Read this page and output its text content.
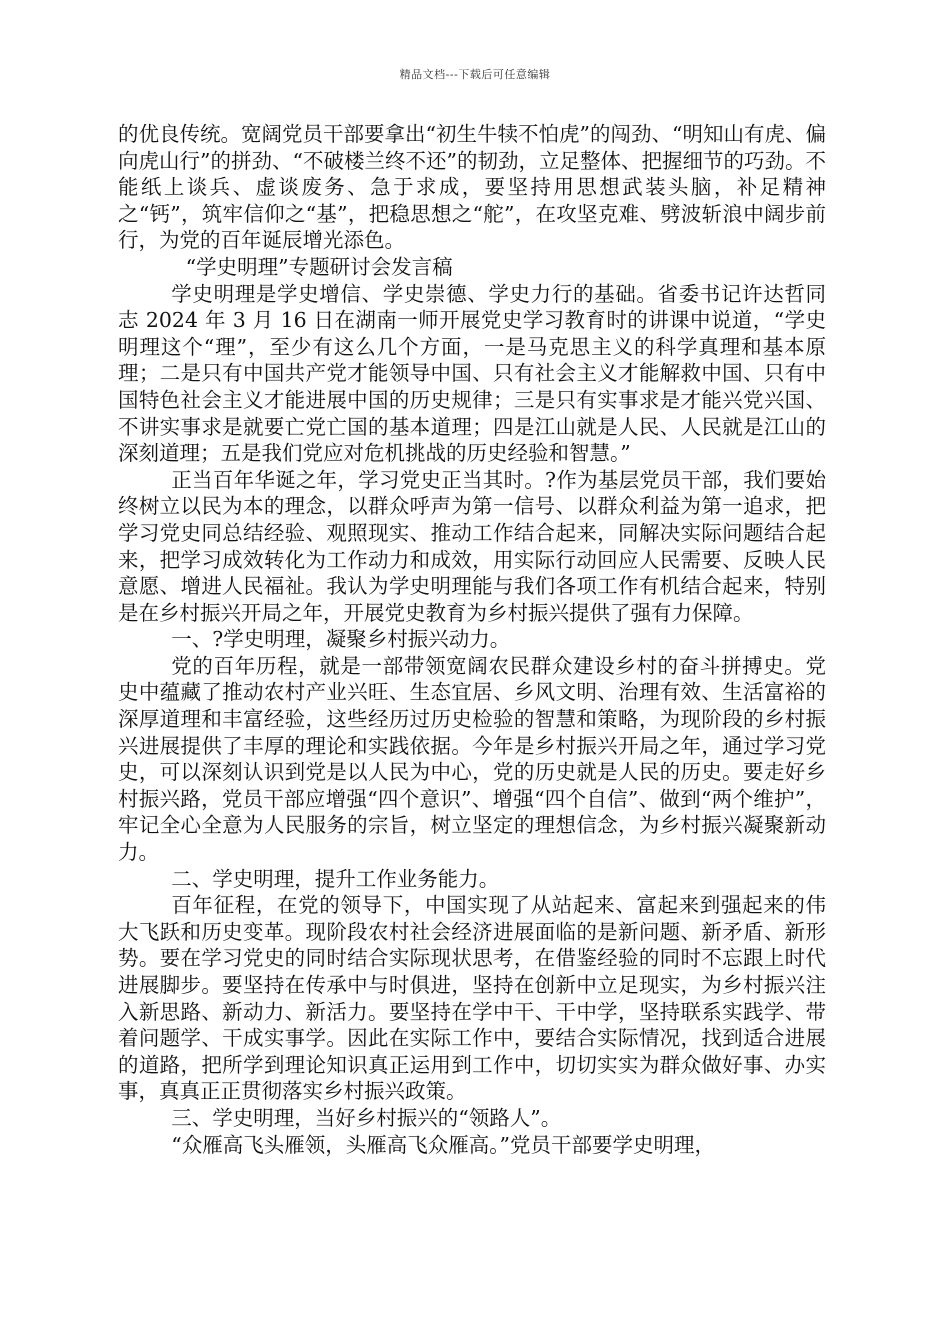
精品文档---下载后可任意编辑

的优良传统。宽阔党员干部要拿出“初生牛犊不怕虎”的闯劲、“明知山有虎、偏向虎山行”的拼劲、“不破楼兰终不还”的韧劲，立足整体、把握细节的巧劲。不能纸上谈兵、虚谈废务、急于求成，要坚持用思想武装头脑，补足精神之“钙”，筑牢信仰之“基”，把稳思想之“舵”，在攻坚克难、劈波斩浪中阔步前行，为党的百年诞辰增光添色。

“学史明理”专题研讨会发言稿

学史明理是学史增信、学史崇德、学史力行的基础。省委书记许达哲同志 2024 年 3 月 16 日在湖南一师开展党史学习教育时的讲课中说道，“学史明理这个“理”，至少有这么几个方面，一是马克思主义的科学真理和基本原理；二是只有中国共产党才能领导中国、只有社会主义才能解救中国、只有中国特色社会主义才能进展中国的历史规律；三是只有实事求是才能兴党兴国、不讲实事求是就要亡党亡国的基本道理；四是江山就是人民、人民就是江山的深刻道理；五是我们党应对危机挑战的历史经验和智慧。”

正当百年华诞之年，学习党史正当其时。?作为基层党员干部，我们要始终树立以民为本的理念，以群众呼声为第一信号、以群众利益为第一追求，把学习党史同总结经验、观照现实、推动工作结合起来，同解决实际问题结合起来，把学习成效转化为工作动力和成效，用实际行动回应人民需要、反映人民意愿、增进人民福祉。我认为学史明理能与我们各项工作有机结合起来，特别是在乡村振兴开局之年，开展党史教育为乡村振兴提供了强有力保障。

一、?学史明理，凝聚乡村振兴动力。

党的百年历程，就是一部带领宽阔农民群众建设乡村的奋斗拼搏史。党史中蕴藏了推动农村产业兴旺、生态宜居、乡风文明、治理有效、生活富裕的深厚道理和丰富经验，这些经历过历史检验的智慧和策略，为现阶段的乡村振兴进展提供了丰厚的理论和实践依据。今年是乡村振兴开局之年，通过学习党史，可以深刻认识到党是以人民为中心，党的历史就是人民的历史。要走好乡村振兴路，党员干部应增强“四个意识”、增强“四个自信”、做到“两个维护”，牢记全心全意为人民服务的宗旨，树立坚定的理想信念，为乡村振兴凝聚新动力。

二、学史明理，提升工作业务能力。

百年征程，在党的领导下，中国实现了从站起来、富起来到强起来的伟大飞跃和历史变革。现阶段农村社会经济进展面临的是新问题、新矛盾、新形势。要在学习党史的同时结合实际现状思考，在借鉴经验的同时不忘跟上时代进展脚步。要坚持在传承中与时俱进，坚持在创新中立足现实，为乡村振兴注入新思路、新动力、新活力。要坚持在学中干、干中学，坚持联系实践学、带着问题学、干成实事学。因此在实际工作中，要结合实际情况，找到适合进展的道路，把所学到理论知识真正运用到工作中，切切实实为群众做好事、办实事，真真正正贯彻落实乡村振兴政策。

三、学史明理，当好乡村振兴的“领路人”。

“众雁高飞头雁领，头雁高飞众雁高。”党员干部要学史明理，
